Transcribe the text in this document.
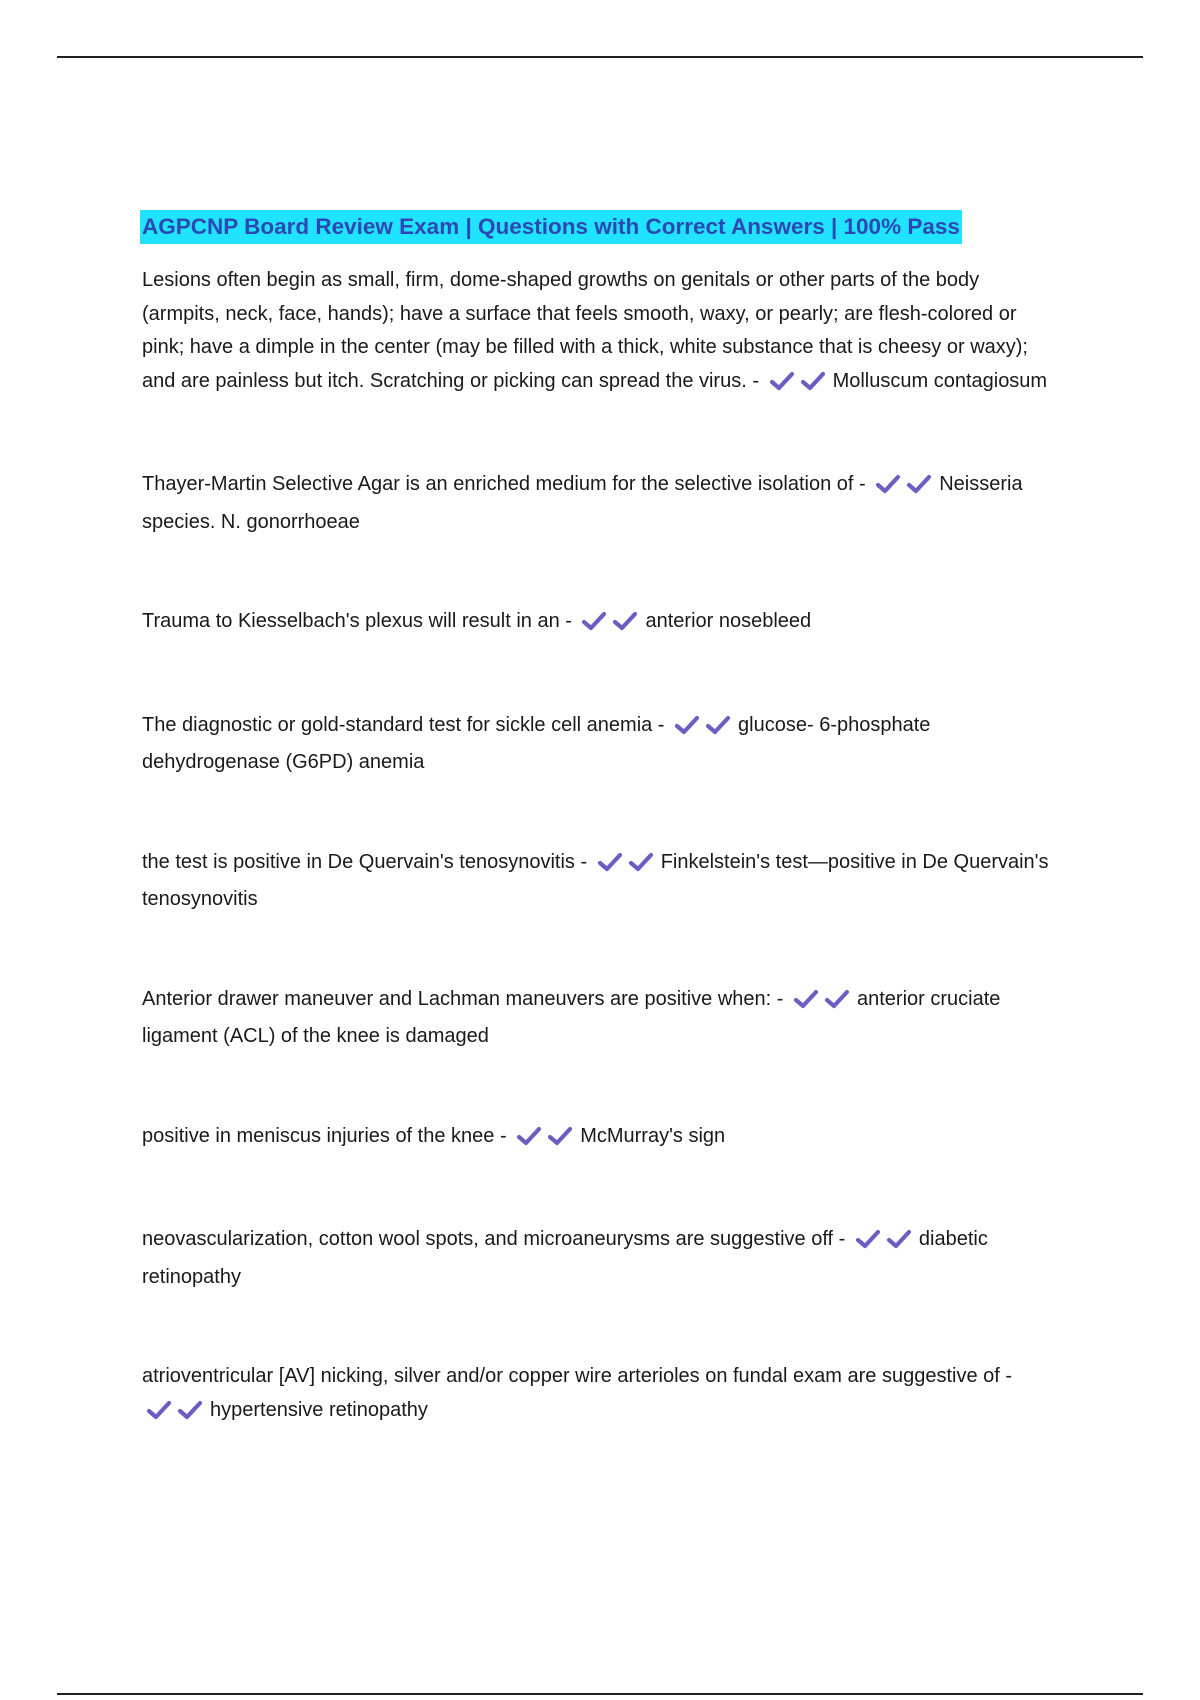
AGPCNP Board Review Exam | Questions with Correct Answers | 100% Pass

Lesions often begin as small, firm, dome-shaped growths on genitals or other parts of the body (armpits, neck, face, hands); have a surface that feels smooth, waxy, or pearly; are flesh-colored or pink; have a dimple in the center (may be filled with a thick, white substance that is cheesy or waxy); and are painless but itch. Scratching or picking can spread the virus. -	Molluscum contagiosum

Thayer-Martin Selective Agar is an enriched medium for the selective isolation of -	Neisseria species. N. gonorrhoeae

Trauma to Kiesselbach's plexus will result in an -	anterior nosebleed

The diagnostic or gold-standard test for sickle cell anemia -	glucose- 6-phosphate dehydrogenase (G6PD) anemia

the test is positive in De Quervain's tenosynovitis -	Finkelstein's test—positive in De Quervain's tenosynovitis

Anterior drawer maneuver and Lachman maneuvers are positive when: -	anterior cruciate ligament (ACL) of the knee is damaged

positive in meniscus injuries of the knee -	McMurray's sign

neovascularization, cotton wool spots, and microaneurysms are suggestive off -	diabetic retinopathy

atrioventricular [AV] nicking, silver and/or copper wire arterioles on fundal exam are suggestive of -
hypertensive retinopathy
